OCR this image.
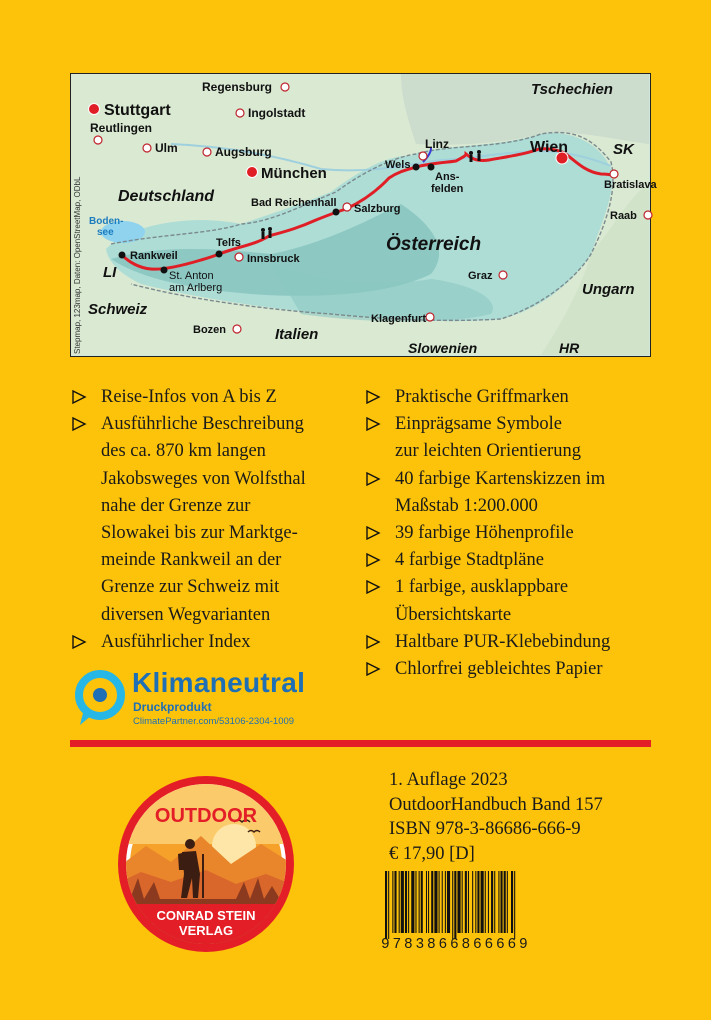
Regensburg
Ingolstadt
Stuttgart
Reutlingen
Ulm	Augsburg
München
Linz
Wels
Ans-
felden
Wien
Bratislava
Raab
Bad Reichenhall Salzburg
Rankweil
Telfs
Innsbruck
St. Anton
am Arlberg
Graz
Klagenfurt
Bozen
Boden-
see
Tschechien
SK
Deutschland
Österreich
Ungarn
LI
Schweiz
Italien
Slowenien	HR
Stepmap, 123map, Daten: OpenStreetMap, ODbL
Reise-Infos von A bis Z
Ausführliche Beschreibung
des ca. 870 km langen
Jakobsweges von Wolfsthal
nahe der Grenze zur
Slowakei bis zur Marktge-
meinde Rankweil an der
Grenze zur Schweiz mit
diversen Wegvarianten
Ausführlicher Index
Praktische Griffmarken
Einprägsame Symbole
zur leichten Orientierung
40 farbige Kartenskizzen im
Maßstab 1:200.000
39 farbige Höhenprofile
4 farbige Stadtpläne
1 farbige, ausklappbare
Übersichtskarte
Haltbare PUR-Klebebindung
Chlorfrei gebleichtes Papier
Klimaneutral
Druckprodukt
ClimatePartner.com/53106-2304-1009
OUTDOOR
CONRAD STEIN
VERLAG
1. Auflage 2023
OutdoorHandbuch Band 157
ISBN 978-3-86686-666-9
€ 17,90 [D]
9783866866669
